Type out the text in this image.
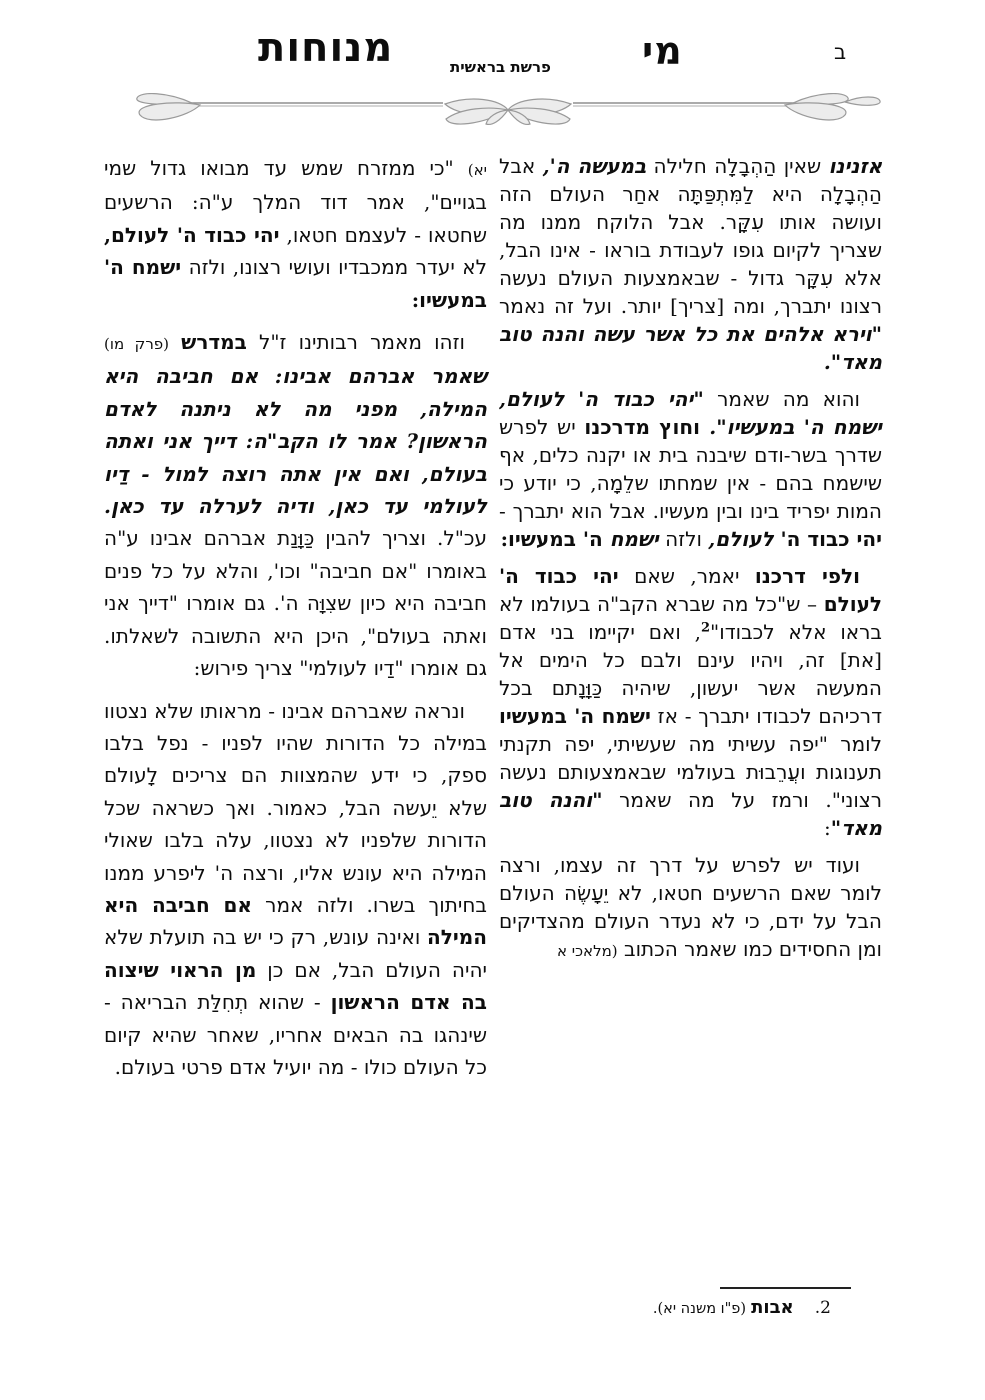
ב
מי
פרשת בראשית
מנוחות

אזנינו שאין הַהְבָלָה חלילה במעשה ה', אבל הַהְבָלָה היא לַמִּתְפַּתָּה אחַר העולם הזה ועושה אותו עִקָּר. אבל הלוקח ממנו מה שצריך לקיום גופו לעבודת בוראו - אינו הבל, אלא עִקָּר גדול - שבאמצעות העולם נעשה רצונו יתברך, ומה [צריך] יותר. ועל זה נאמר "וירא אלהים את כל אשר עשה והנה טוב מאד".

והוא מה שאמר "יהי כבוד ה' לעולם, ישמח ה' במעשיו". וחוץ מדרכנו יש לפרש שדרך בשר-ודם שיבנה בית או יקנה כלים, אף שישמח בהם - אין שמחתו שלֵמָה, כי יודע כי המות יפריד בינו ובין מעשיו. אבל הוא יתברך - יהי כבוד ה' לעולם, ולזה ישמח ה' במעשיו:

ולפי דרכנו יאמר, שאם יהי כבוד ה' לעולם – ש"כל מה שברא הקב"ה בעולמו לא בראו אלא לכבודו"$^2$, ואם יקיימו בני אדם [את] זה, ויהיו עינם ולבם כל הימים אל המעשה אשר יעשון, שיהיה כַּוָּנָתם בכל דרכיהם לכבודו יתברך - אז ישמח ה' במעשיו לומר "יפה עשיתי מה שעשיתי, יפה תקנתי תענוגות ועֲרֵבוּת בעולמי שבאמצעותם נעשה רצוני". ורמז על מה שאמר "והנה טוב מאד":

ועוד יש לפרש על דרך זה עצמו, ורצה לומר שאם הרשעים חטאו, לא יֵעָשֶׂה העולם הבל על ידם, כי לא נעדר העולם מהצדיקים ומן החסידים כמו שאמר הכתוב (מלאכי א

יא) "כי ממזרח שמש עד מבואו גדול שמי בגויים", אמר דוד המלך ע"ה: הרשעים שחטאו - לעצמם חטאו, יהי כבוד ה' לעולם, לא יעדר ממכבדיו ועושי רצונו, ולזה ישמח ה' במעשיו:

וזהו מאמר רבותינו ז"ל במדרש (פרק מו) שאמר אברהם אבינו: אם חביבה היא המילה, מפני מה לא ניתנה לאדם הראשון? אמר לו הקב"ה: דייך אני ואתה בעולם, ואם אין אתה רוצה למול - דַיו לעולמי עד כאן, ודיה לערלה עד כאן. עכ"ל. וצריך להבין כַּוָּנַת אברהם אבינו ע"ה באומרו "אם חביבה" וכו', והלא על כל פנים חביבה היא כיון שצִוָּה ה'. גם אומרו "דייך אני ואתה בעולם", היכן היא התשובה לשאלתו. גם אומרו "דַיו לעולמי" צריך פירוש:

ונראה שאברהם אבינו - מראותו שלא נצטוו במילה כל הדורות שהיו לפניו - נפל בלבו ספק, כי ידע שהמצוות הם צריכים לָעולם שלא יֵעשה הבל, כאמור. ואך כשראה שכל הדורות שלפניו לא נצטוו, עלה בלבו שאולי המילה היא עונש אליו, ורצה ה' ליפרע ממנו בחיתוך בשרו. ולזה אמר אם חביבה היא המילה ואינה עונש, רק כי יש בה תועלת שלא יהיה העולם הבל, אם כן מן הראוי שיצוה בה אדם הראשון - שהוא תְחִלַּת הבריאה - שינהגו בה הבאים אחריו, שאחר שהיא קיום כל העולם כולו - מה יועיל אדם פרטי בעולם.

2. אבות (פ"ו משנה יא).
